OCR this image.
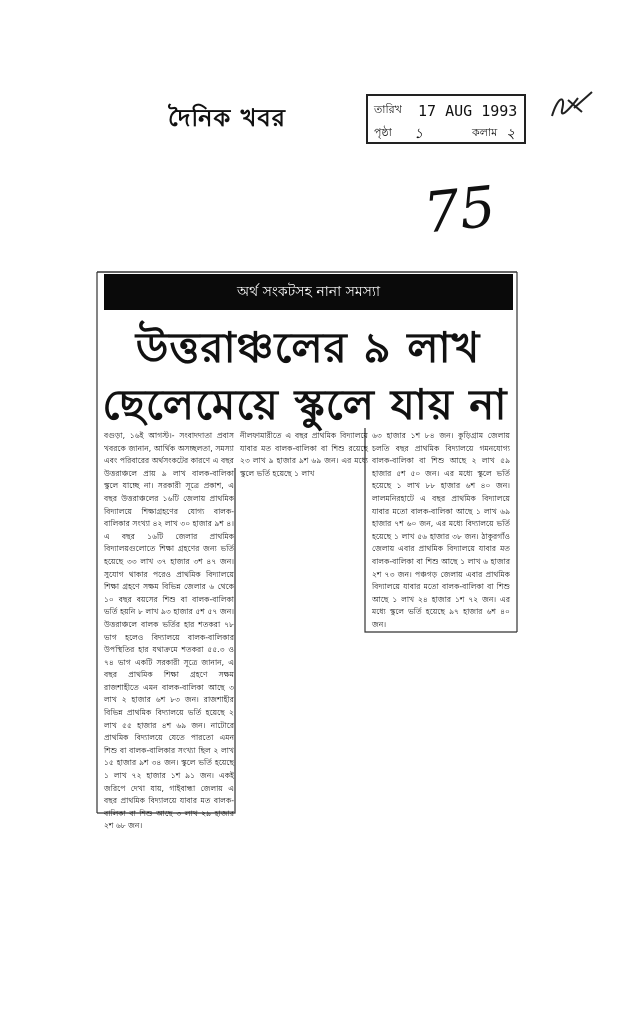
দৈনিক খবর	তারিখ 17 AUG 1993
পৃষ্ঠা ১	কলাম ২
75
অর্থ সংকটসহ নানা সমস্যা
উত্তরাঞ্চলের ৯ লাখ
ছেলেমেয়ে স্কুলে যায় না
বগুড়া, ১৬ই আগস্ট।- সংবাদদাতা প্রবাস খবরকে জানান, আর্থিক অসচ্ছলতা, সমস্যা এবং পরিবারের অর্থসংকটের কারণে এ বছর উত্তরাঞ্চলে প্রায় ৯ লাখ বালক-বালিকা স্কুলে যাচ্ছে না। সরকারী সূত্রে প্রকাশ, এ বছর উত্তরাঞ্চলের ১৬টি জেলায় প্রাথমিক বিদ্যালয়ে শিক্ষাগ্রহণের যোগ্য বালক-বালিকার সংখ্যা ৪২ লাখ ৩০ হাজার ৯শ ৪। এ বছর ১৬টি জেলার প্রাথমিক বিদ্যালয়গুলোতে শিক্ষা গ্রহণের জন্য ভর্তি হয়েছে ৩৩ লাখ ৩৭ হাজার ৩শ ৪৭ জন। সুযোগ থাকার পরেও প্রাথমিক বিদ্যালয়ে শিক্ষা গ্রহণে সক্ষম বিভিন্ন জেলার ৬ থেকে ১০ বছর বয়সের শিশু বা বালক-বালিকা ভর্তি হয়নি ৮ লাখ ৯৩ হাজার ৫শ ৫৭ জন। উত্তরাঞ্চলে বালক ভর্তির হার শতকরা ৭৮ ভাগ হলেও বিদ্যালয়ে বালক-বালিকার উপস্থিতির হার যথাক্রমে শতকরা ৫৫.৩ ও ৭৪ ভাগ একটি সরকারী সূত্রে জানান, এ বছর প্রাথমিক শিক্ষা গ্রহণে সক্ষম রাজশাহীতে এমন বালক-বালিকা আছে ৩ লাখ ২ হাজার ৬শ ৮৩ জন। রাজশাহীর বিভিন্ন প্রাথমিক বিদ্যালয়ে ভর্তি হয়েছে ২ লাখ ৫৫ হাজার ৪শ ৬৯ জন। নাটোরে প্রাথমিক বিদ্যালয়ে যেতে পারতো এমন শিশু বা বালক-বালিকার সংখ্যা ছিল ২ লাখ ১৫ হাজার ৯শ ৩৪ জন। স্কুলে ভর্তি হয়েছে ১ লাখ ৭২ হাজার ১শ ৯১ জন। একই জরিপে দেখা যায়, গাইবান্ধা জেলায় এ বছর প্রাথমিক বিদ্যালয়ে যাবার মত বালক-বালিকা বা শিশু আছে ৩ লাখ ২৯ হাজার ২শ ৬৮ জন।
নীলফামারীতে এ বছর প্রাথমিক বিদ্যালয়ে যাবার মত বালক-বালিকা বা শিশু রয়েছে ২৩ লাখ ৯ হাজার ৯শ ৬৯ জন। এর মধ্যে স্কুলে ভর্তি হয়েছে ১ লাখ
৬৩ হাজার ১শ ৮৪ জন। কুড়িগ্রাম জেলায় চলতি বছর প্রাথমিক বিদ্যালয়ে গমনযোগ্য বালক-বালিকা বা শিশু আছে ২ লাখ ৫৯ হাজার ৫শ ৫০ জন। এর মধ্যে স্কুলে ভর্তি হয়েছে ১ লাখ ৮৮ হাজার ৬শ ৪০ জন। লালমনিরহাটে এ বছর প্রাথমিক বিদ্যালয়ে যাবার মতো বালক-বালিকা আছে ১ লাখ ৬৯ হাজার ৭শ ৬০ জন, এর মধ্যে বিদ্যালয়ে ভর্তি হয়েছে ১ লাখ ৫৬ হাজার ৩৮ জন। ঠাকুরগাঁও জেলায় এবার প্রাথমিক বিদ্যালয়ে যাবার মত বালক-বালিকা বা শিশু আছে ১ লাখ ৬ হাজার ২শ ৭৩ জন। পঞ্চগড় জেলায় এবার প্রাথমিক বিদ্যালয়ে যাবার মতো বালক-বালিকা বা শিশু আছে ১ লাখ ২৪ হাজার ১শ ৭২ জন। এর মধ্যে স্কুলে ভর্তি হয়েছে ৯৭ হাজার ৬শ ৪০ জন।
